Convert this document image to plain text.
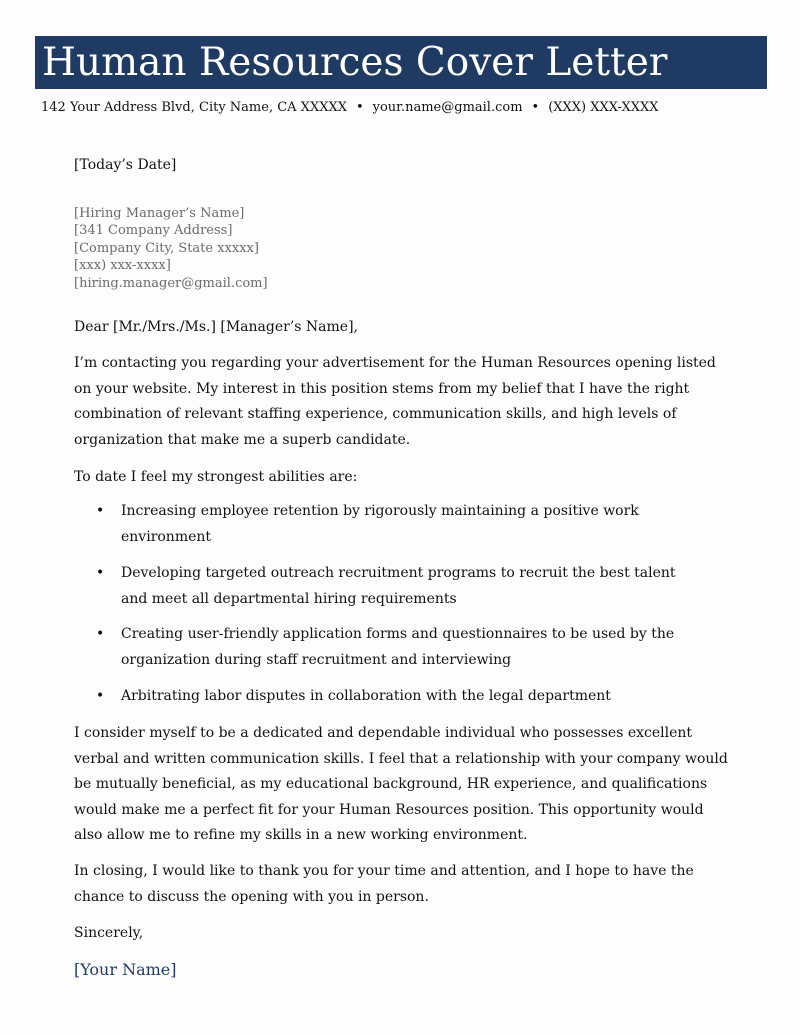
Human Resources Cover Letter
142 Your Address Blvd, City Name, CA XXXXX • your.name@gmail.com • (XXX) XXX-XXXX
[Today’s Date]
[Hiring Manager’s Name]
[341 Company Address]
[Company City, State xxxxx]
[xxx) xxx-xxxx]
[hiring.manager@gmail.com]
Dear [Mr./Mrs./Ms.] [Manager’s Name],

I’m contacting you regarding your advertisement for the Human Resources opening listed on your website. My interest in this position stems from my belief that I have the right combination of relevant staffing experience, communication skills, and high levels of organization that make me a superb candidate.

To date I feel my strongest abilities are:

• Increasing employee retention by rigorously maintaining a positive work environment
• Developing targeted outreach recruitment programs to recruit the best talent and meet all departmental hiring requirements
• Creating user-friendly application forms and questionnaires to be used by the organization during staff recruitment and interviewing
• Arbitrating labor disputes in collaboration with the legal department

I consider myself to be a dedicated and dependable individual who possesses excellent verbal and written communication skills. I feel that a relationship with your company would be mutually beneficial, as my educational background, HR experience, and qualifications would make me a perfect fit for your Human Resources position. This opportunity would also allow me to refine my skills in a new working environment.

In closing, I would like to thank you for your time and attention, and I hope to have the chance to discuss the opening with you in person.

Sincerely,
[Your Name]
